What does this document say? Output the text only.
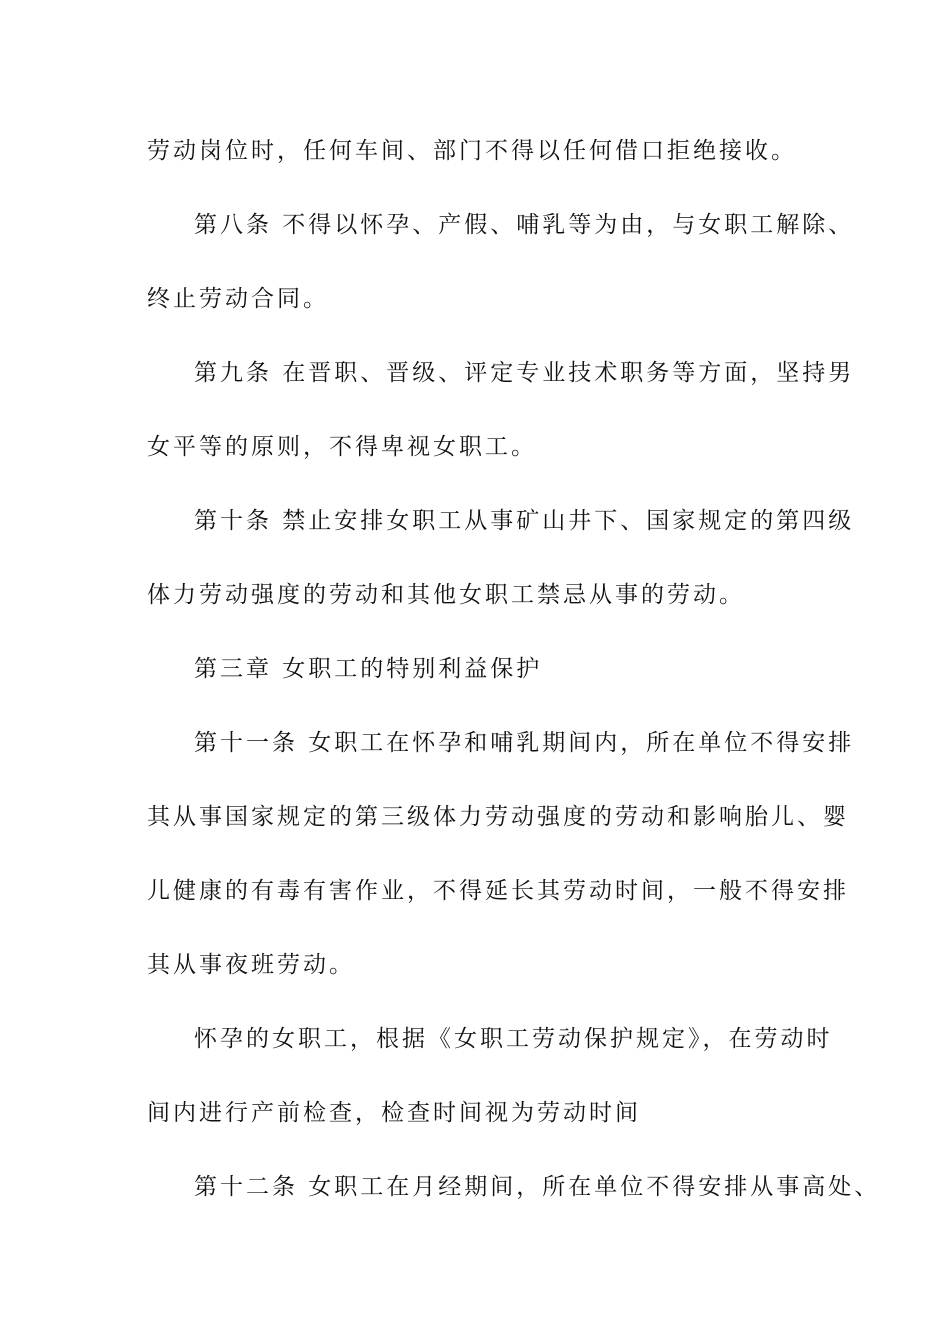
劳动岗位时，任何车间、部门不得以任何借口拒绝接收。
第八条 不得以怀孕、产假、哺乳等为由，与女职工解除、
终止劳动合同。
第九条 在晋职、晋级、评定专业技术职务等方面，坚持男
女平等的原则，不得卑视女职工。
第十条 禁止安排女职工从事矿山井下、国家规定的第四级
体力劳动强度的劳动和其他女职工禁忌从事的劳动。
第三章 女职工的特别利益保护
第十一条 女职工在怀孕和哺乳期间内，所在单位不得安排
其从事国家规定的第三级体力劳动强度的劳动和影响胎儿、婴
儿健康的有毒有害作业，不得延长其劳动时间，一般不得安排
其从事夜班劳动。
怀孕的女职工，根据《女职工劳动保护规定》，在劳动时
间内进行产前检查，检查时间视为劳动时间
第十二条 女职工在月经期间，所在单位不得安排从事高处、
